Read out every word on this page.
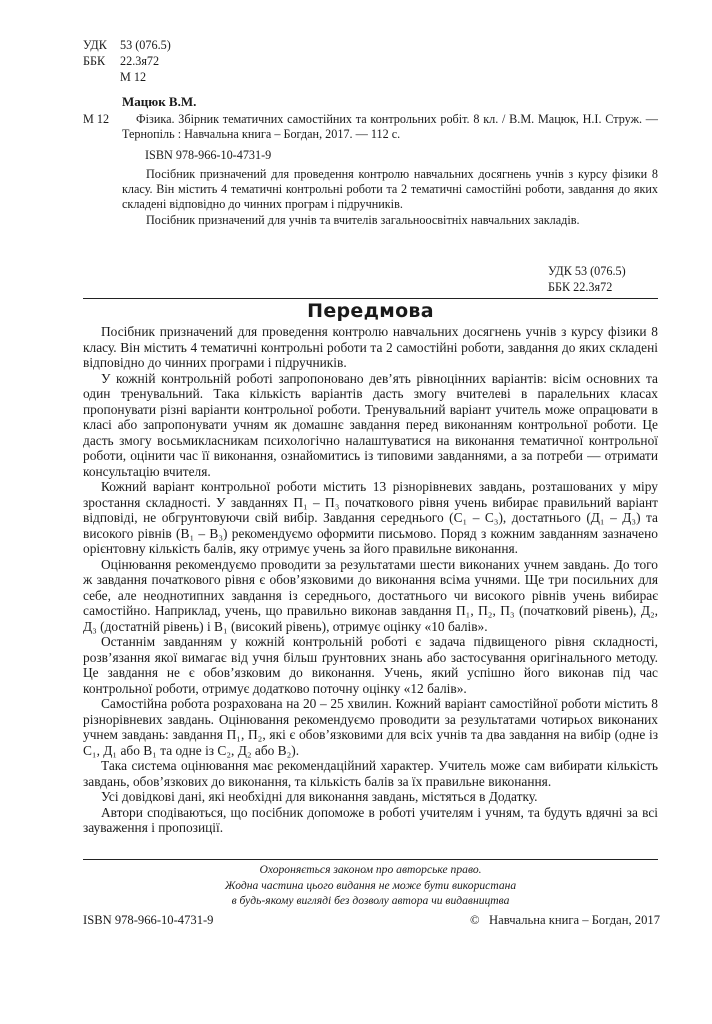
УДК	53 (076.5)
ББК	22.3я72
М 12
Мацюк В.М.
М 12	Фізика. Збірник тематичних самостійних та контрольних робіт. 8 кл. / В.М. Мацюк, Н.І. Струж. — Тернопіль : Навчальна книга – Богдан, 2017. — 112 с.
ISBN 978-966-10-4731-9
Посібник призначений для проведення контролю навчальних досягнень учнів з курсу фізики 8 класу. Він містить 4 тематичні контрольні роботи та 2 тематичні самостійні роботи, завдання до яких складені відповідно до чинних програм і підручників.
Посібник призначений для учнів та вчителів загальноосвітніх навчальних закладів.
УДК 53 (076.5)
ББК 22.3я72
Передмова

Посібник призначений для проведення контролю навчальних досягнень учнів з курсу фізики 8 класу. Він містить 4 тематичні контрольні роботи та 2 самостійні роботи, завдання до яких складені відповідно до чинних програми і підручників.

У кожній контрольній роботі запропоновано дев’ять рівноцінних варіантів: вісім основних та один тренувальний. Така кількість варіантів дасть змогу вчителеві в паралельних класах пропонувати різні варіанти контрольної роботи. Тренувальний варіант учитель може опрацювати в класі або запропонувати учням як домашнє завдання перед виконанням контрольної роботи. Це дасть змогу восьмикласникам психологічно налаштуватися на виконання тематичної контрольної роботи, оцінити час її виконання, ознайомитись із типовими завданнями, а за потреби — отримати консультацію вчителя.

Кожний варіант контрольної роботи містить 13 різнорівневих завдань, розташованих у міру зростання складності. У завданнях П₁ – П₃ початкового рівня учень вибирає правильний варіант відповіді, не обгрунтовуючи свій вибір. Завдання середнього (С₁ – С₃), достатнього (Д₁ – Д₃) та високого рівнів (В₁ – В₃) рекомендуємо оформити письмово. Поряд з кожним завданням зазначено орієнтовну кількість балів, яку отримує учень за його правильне виконання.

Оцінювання рекомендуємо проводити за результатами шести виконаних учнем завдань. До того ж завдання початкового рівня є обов’язковими до виконання всіма учнями. Ще три посильних для себе, але неоднотипних завдання із середнього, достатнього чи високого рівнів учень вибирає самостійно. Наприклад, учень, що правильно виконав завдання П₁, П₂, П₃ (початковий рівень), Д₂, Д₃ (достатній рівень) і В₁ (високий рівень), отримує оцінку «10 балів».

Останнім завданням у кожній контрольній роботі є задача підвищеного рівня складності, розв’язання якої вимагає від учня більш ґрунтовних знань або застосування оригінального методу. Це завдання не є обов’язковим до виконання. Учень, який успішно його виконав під час контрольної роботи, отримує додатково поточну оцінку «12 балів».

Самостійна робота розрахована на 20 – 25 хвилин. Кожний варіант самостійної роботи містить 8 різнорівневих завдань. Оцінювання рекомендуємо проводити за результатами чотирьох виконаних учнем завдань: завдання П₁, П₂, які є обов’язковими для всіх учнів та два завдання на вибір (одне із С₁, Д₁ або В₁ та одне із С₂, Д₂ або В₂).

Така система оцінювання має рекомендаційний характер. Учитель може сам вибирати кількість завдань, обов’язкових до виконання, та кількість балів за їх правильне виконання.

Усі довідкові дані, які необхідні для виконання завдань, містяться в Додатку.

Автори сподіваються, що посібник допоможе в роботі учителям і учням, та будуть вдячні за всі зауваження і пропозиції.

Охороняється законом про авторське право.
Жодна частина цього видання не може бути використана
в будь-якому вигляді без дозволу автора чи видавництва
ISBN 978-966-10-4731-9	©   Навчальна книга – Богдан, 2017
